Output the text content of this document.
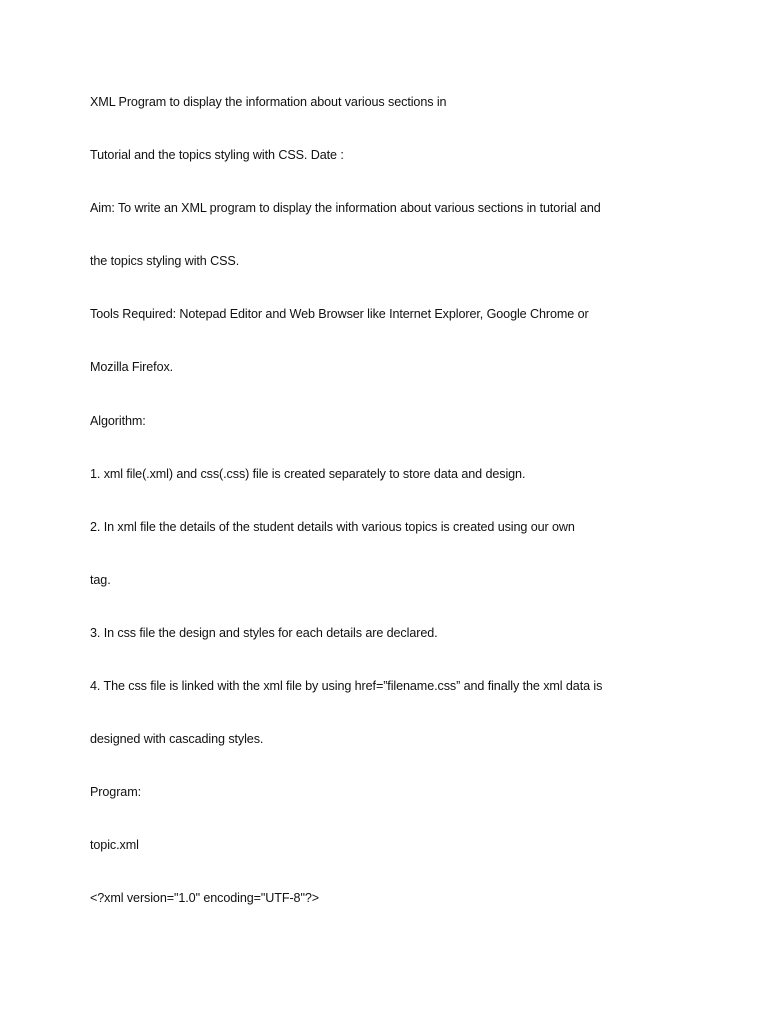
XML Program to display the information about various sections in
Tutorial and the topics styling with CSS. Date :
Aim: To write an XML program to display the information about various sections in tutorial and
the topics styling with CSS.
Tools Required: Notepad Editor and Web Browser like Internet Explorer, Google Chrome or
Mozilla Firefox.
Algorithm:
1. xml file(.xml) and css(.css) file is created separately to store data and design.
2. In xml file the details of the student details with various topics is created using our own
tag.
3. In css file the design and styles for each details are declared.
4. The css file is linked with the xml file by using href=”filename.css” and finally the xml data is
designed with cascading styles.
Program:
topic.xml
<?xml version="1.0" encoding="UTF-8"?>
